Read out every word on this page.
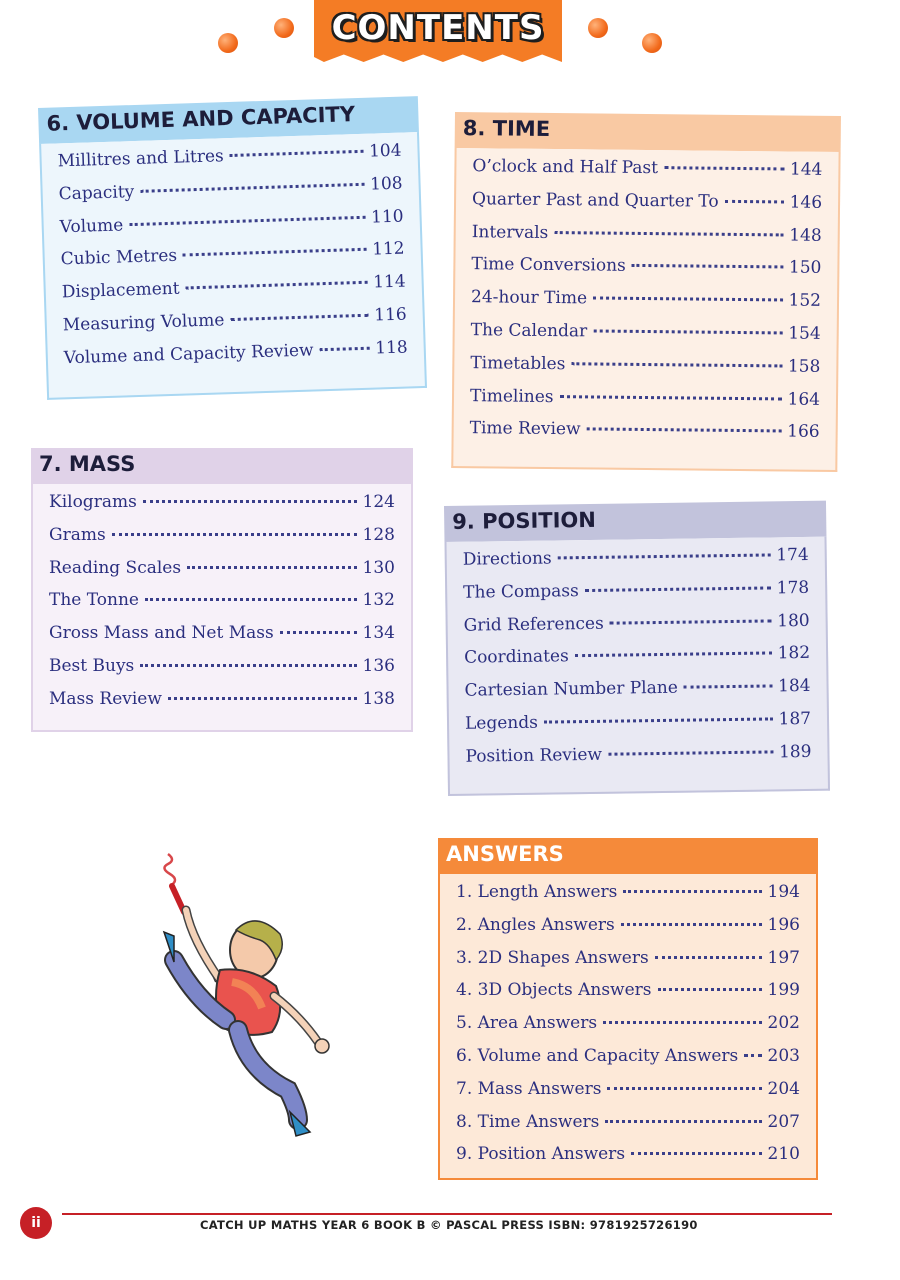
CONTENTS
6. VOLUME AND CAPACITY
Millitres and Litres	104
Capacity	108
Volume	110
Cubic Metres	112
Displacement	114
Measuring Volume	116
Volume and Capacity Review	118
8. TIME
O’clock and Half Past	144
Quarter Past and Quarter To	146
Intervals	148
Time Conversions	150
24-hour Time	152
The Calendar	154
Timetables	158
Timelines	164
Time Review	166
7. MASS
Kilograms	124
Grams	128
Reading Scales	130
The Tonne	132
Gross Mass and Net Mass	134
Best Buys	136
Mass Review	138
9. POSITION
Directions	174
The Compass	178
Grid References	180
Coordinates	182
Cartesian Number Plane	184
Legends	187
Position Review	189
ANSWERS
1. Length Answers	194
2. Angles Answers	196
3. 2D Shapes Answers	197
4. 3D Objects Answers	199
5. Area Answers	202
6. Volume and Capacity Answers 203
7. Mass Answers	204
8. Time Answers	207
9. Position Answers	210
ii	CATCH UP MATHS YEAR 6 BOOK B © PASCAL PRESS ISBN: 9781925726190
